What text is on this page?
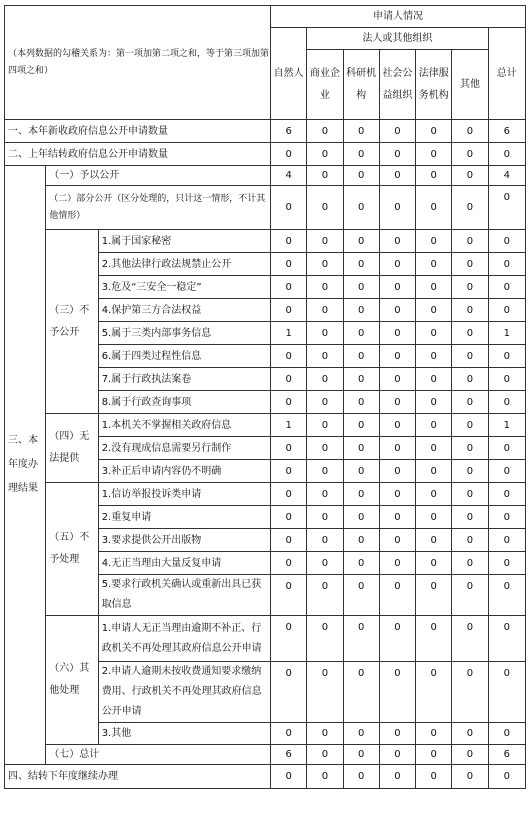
（本列数据的勾稽关系为：第一项加第二项之和，等于第三项加第四项之和）			申请人情况						
			自然人	法人或其他组织					总计
				商业企业	科研机构	社会公益组织	法律服务机构	其他	
一、本年新收政府信息公开申请数量			6	0	0	0	0	0	6
二、上年结转政府信息公开申请数量			0	0	0	0	0	0	0
三、本年度办理结果	（一）予以公开		4	0	0	0	0	0	4
	（二）部分公开（区分处理的，只计这一情形，不计其他情形）		0	0	0	0	0	0	0
	（三）不予公开	1.属于国家秘密	0	0	0	0	0	0	0
		2.其他法律行政法规禁止公开	0	0	0	0	0	0	0
		3.危及“三安全一稳定”	0	0	0	0	0	0	0
		4.保护第三方合法权益	0	0	0	0	0	0	0
		5.属于三类内部事务信息	1	0	0	0	0	0	1
		6.属于四类过程性信息	0	0	0	0	0	0	0
		7.属于行政执法案卷	0	0	0	0	0	0	0
		8.属于行政查询事项	0	0	0	0	0	0	0
	（四）无法提供	1.本机关不掌握相关政府信息	1	0	0	0	0	0	1
		2.没有现成信息需要另行制作	0	0	0	0	0	0	0
		3.补正后申请内容仍不明确	0	0	0	0	0	0	0
	（五）不予处理	1.信访举报投诉类申请	0	0	0	0	0	0	0
		2.重复申请	0	0	0	0	0	0	0
		3.要求提供公开出版物	0	0	0	0	0	0	0
		4.无正当理由大量反复申请	0	0	0	0	0	0	0
		5.要求行政机关确认或重新出具已获取信息	0	0	0	0	0	0	0
	（六）其他处理	1.申请人无正当理由逾期不补正、行政机关不再处理其政府信息公开申请	0	0	0	0	0	0	0
		2.申请人逾期未按收费通知要求缴纳费用、行政机关不再处理其政府信息公开申请	0	0	0	0	0	0	0
		3.其他	0	0	0	0	0	0	0
	（七）总计		6	0	0	0	0	0	6
四、结转下年度继续办理			0	0	0	0	0	0	0
